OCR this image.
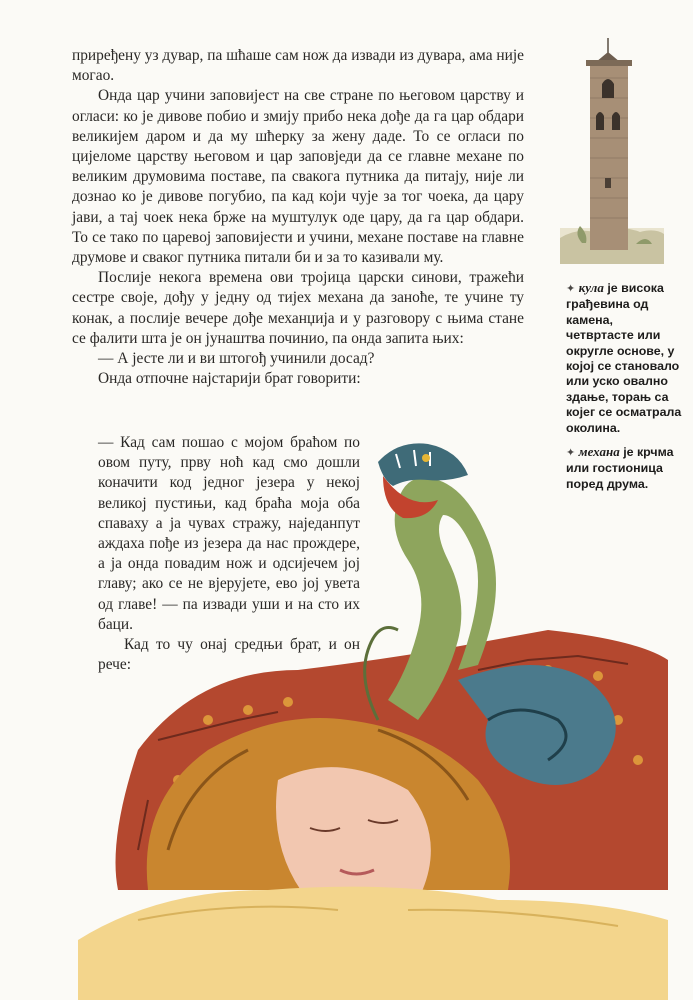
приређену уз дувар, па шћаше сам нож да извади из дувара, ама није могао.

Онда цар учини заповијест на све стране по његовом царству и огласи: ко је дивове побио и змију прибо нека дође да га цар обдари великијем даром и да му шћерку за жену даде. То се огласи по цијеломе царству његовом и цар заповједи да се главне механе по великим друмовима поставе, па свакога путника да питају, није ли дознао ко је дивове погубио, па кад који чује за тог чоека, да цару јави, а тај чоек нека брже на муштулук оде цару, да га цар обдари. То се тако по царевој заповијести и учини, механе поставе на главне друмове и сваког путника питали би и за то казивали му.

Послије некога времена ови тројица царски синови, тражећи сестре своје, дођу у једну од тијех механа да заноће, те учине ту конак, а послије вечере дође механџија и у разговору с њима стане се фалити шта је он јунаштва починио, па онда запита њих:

— А јесте ли и ви штогођ учинили досад?

Онда отпочне најстарији брат говорити:

— Кад сам пошао с мојом браћом по овом путу, прву ноћ кад смо дошли коначити код једног језера у некој великој пустињи, кад браћа моја оба спаваху а ја чувах стражу, наједанпут аждаха пође из језера да нас прождере, а ја онда повадим нож и одсијечем јој главу; ако се не вјерујете, ево јој увета од главе! — па извади уши и на сто их баци.

Кад то чу онај средњи брат, и он рече:

✦ кула је висока грађевина од камена, четвртасте или округле основе, у којој се становало или уско овално здање, торањ са којег се осматрала околина.
✦ механа је крчма или гостионица поред друма.
